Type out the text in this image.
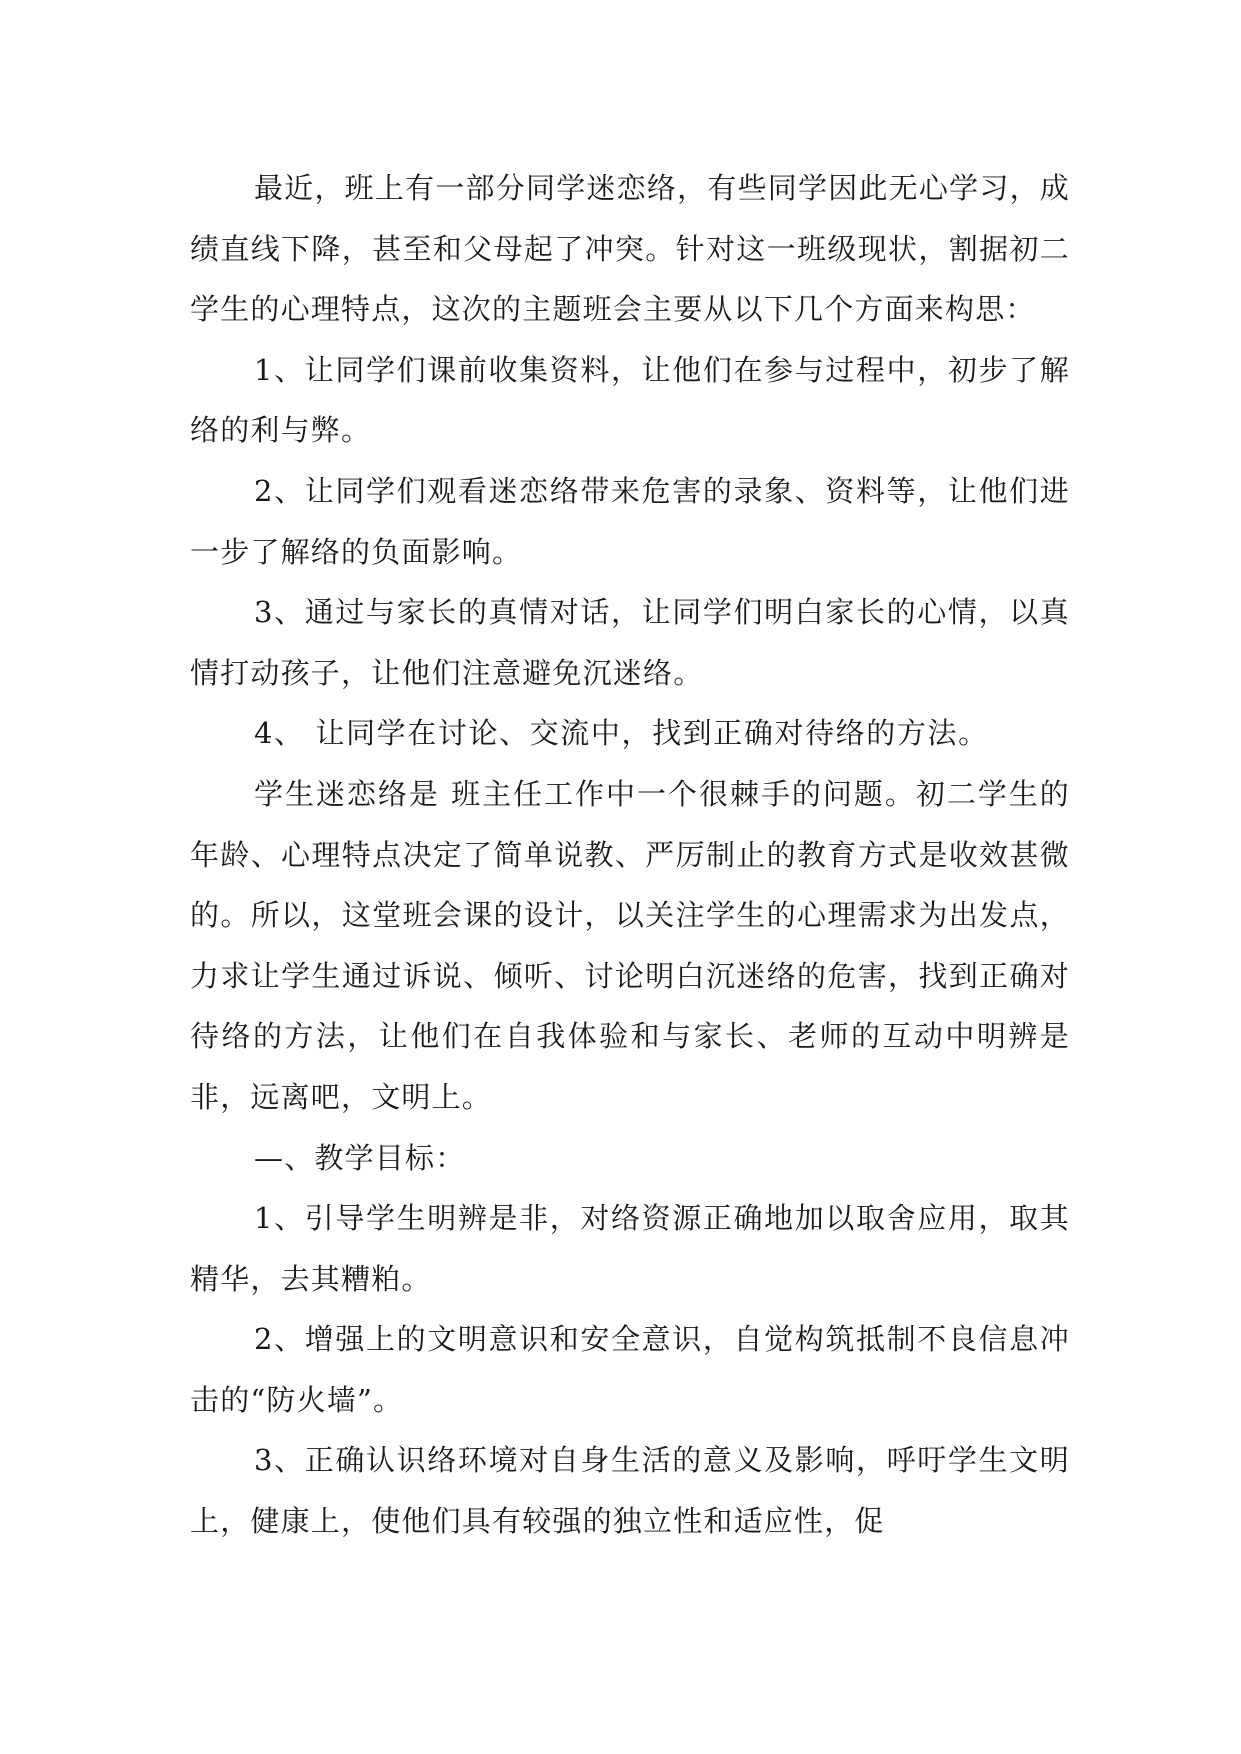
最近，班上有一部分同学迷恋络，有些同学因此无心学习，成绩直线下降，甚至和父母起了冲突。针对这一班级现状，割据初二学生的心理特点，这次的主题班会主要从以下几个方面来构思：

1、让同学们课前收集资料，让他们在参与过程中，初步了解络的利与弊。

2、让同学们观看迷恋络带来危害的录象、资料等，让他们进一步了解络的负面影响。

3、通过与家长的真情对话，让同学们明白家长的心情，以真情打动孩子，让他们注意避免沉迷络。

4、 让同学在讨论、交流中，找到正确对待络的方法。

学生迷恋络是 班主任工作中一个很棘手的问题。初二学生的年龄、心理特点决定了简单说教、严厉制止的教育方式是收效甚微的。所以，这堂班会课的设计，以关注学生的心理需求为出发点，力求让学生通过诉说、倾听、讨论明白沉迷络的危害，找到正确对待络的方法，让他们在自我体验和与家长、老师的互动中明辨是非，远离吧，文明上。

—、教学目标：

1、引导学生明辨是非，对络资源正确地加以取舍应用，取其精华，去其糟粕。

2、增强上的文明意识和安全意识，自觉构筑抵制不良信息冲击的“防火墙”。

3、正确认识络环境对自身生活的意义及影响，呼吁学生文明上，健康上，使他们具有较强的独立性和适应性，促
